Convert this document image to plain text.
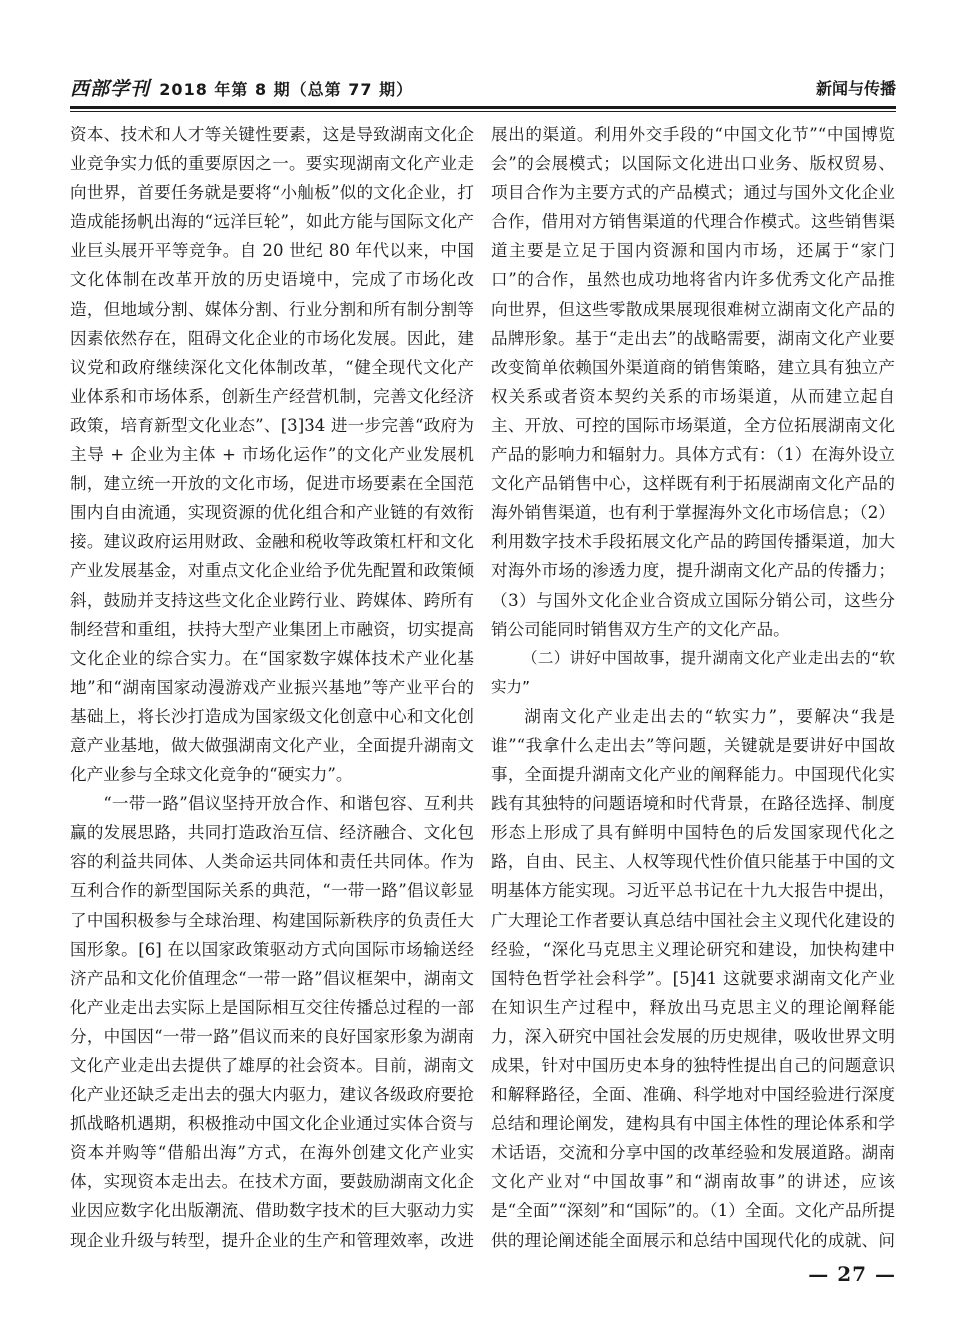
西部学刊 2018 年第 8 期（总第 77 期）	新闻与传播

资本、技术和人才等关键性要素，这是导致湖南文化企业竞争实力低的重要原因之一。要实现湖南文化产业走向世界，首要任务就是要将“小舢板”似的文化企业，打造成能扬帆出海的“远洋巨轮”，如此方能与国际文化产业巨头展开平等竞争。自 20 世纪 80 年代以来，中国文化体制在改革开放的历史语境中，完成了市场化改造，但地域分割、媒体分割、行业分割和所有制分割等因素依然存在，阻碍文化企业的市场化发展。因此，建议党和政府继续深化文化体制改革，“健全现代文化产业体系和市场体系，创新生产经营机制，完善文化经济政策，培育新型文化业态”、[3]34 进一步完善“政府为主导 + 企业为主体 + 市场化运作”的文化产业发展机制，建立统一开放的文化市场，促进市场要素在全国范围内自由流通，实现资源的优化组合和产业链的有效衔接。建议政府运用财政、金融和税收等政策杠杆和文化产业发展基金，对重点文化企业给予优先配置和政策倾斜，鼓励并支持这些文化企业跨行业、跨媒体、跨所有制经营和重组，扶持大型产业集团上市融资，切实提高文化企业的综合实力。在“国家数字媒体技术产业化基地”和“湖南国家动漫游戏产业振兴基地”等产业平台的基础上，将长沙打造成为国家级文化创意中心和文化创意产业基地，做大做强湖南文化产业，全面提升湖南文化产业参与全球文化竞争的“硬实力”。

“一带一路”倡议坚持开放合作、和谐包容、互利共赢的发展思路，共同打造政治互信、经济融合、文化包容的利益共同体、人类命运共同体和责任共同体。作为互利合作的新型国际关系的典范，“一带一路”倡议彰显了中国积极参与全球治理、构建国际新秩序的负责任大国形象。[6] 在以国家政策驱动方式向国际市场输送经济产品和文化价值理念“一带一路”倡议框架中，湖南文化产业走出去实际上是国际相互交往传播总过程的一部分，中国因“一带一路”倡议而来的良好国家形象为湖南文化产业走出去提供了雄厚的社会资本。目前，湖南文化产业还缺乏走出去的强大内驱力，建议各级政府要抢抓战略机遇期，积极推动中国文化企业通过实体合资与资本并购等“借船出海”方式，在海外创建文化产业实体，实现资本走出去。在技术方面，要鼓励湖南文化企业因应数字化出版潮流、借助数字技术的巨大驱动力实现企业升级与转型，提升企业的生产和管理效率，改进

展出的渠道。利用外交手段的“中国文化节”“中国博览会”的会展模式；以国际文化进出口业务、版权贸易、项目合作为主要方式的产品模式；通过与国外文化企业合作，借用对方销售渠道的代理合作模式。这些销售渠道主要是立足于国内资源和国内市场，还属于“家门口”的合作，虽然也成功地将省内许多优秀文化产品推向世界，但这些零散成果展现很难树立湖南文化产品的品牌形象。基于“走出去”的战略需要，湖南文化产业要改变简单依赖国外渠道商的销售策略，建立具有独立产权关系或者资本契约关系的市场渠道，从而建立起自主、开放、可控的国际市场渠道，全方位拓展湖南文化产品的影响力和辐射力。具体方式有：（1）在海外设立文化产品销售中心，这样既有利于拓展湖南文化产品的海外销售渠道，也有利于掌握海外文化市场信息；（2）利用数字技术手段拓展文化产品的跨国传播渠道，加大对海外市场的渗透力度，提升湖南文化产品的传播力；（3）与国外文化企业合资成立国际分销公司，这些分销公司能同时销售双方生产的文化产品。

（二）讲好中国故事，提升湖南文化产业走出去的“软实力”

湖南文化产业走出去的“软实力”，要解决“我是谁”“我拿什么走出去”等问题，关键就是要讲好中国故事，全面提升湖南文化产业的阐释能力。中国现代化实践有其独特的问题语境和时代背景，在路径选择、制度形态上形成了具有鲜明中国特色的后发国家现代化之路，自由、民主、人权等现代性价值只能基于中国的文明基体方能实现。习近平总书记在十九大报告中提出，广大理论工作者要认真总结中国社会主义现代化建设的经验，“深化马克思主义理论研究和建设，加快构建中国特色哲学社会科学”。[5]41 这就要求湖南文化产业在知识生产过程中，释放出马克思主义的理论阐释能力，深入研究中国社会发展的历史规律，吸收世界文明成果，针对中国历史本身的独特性提出自己的问题意识和解释路径，全面、准确、科学地对中国经验进行深度总结和理论阐发，建构具有中国主体性的理论体系和学术话语，交流和分享中国的改革经验和发展道路。湖南文化产业对“中国故事”和“湖南故事”的讲述，应该是“全面”“深刻”和“国际”的。（1）全面。文化产品所提供的理论阐述能全面展示和总结中国现代化的成就、问

— 27 —
